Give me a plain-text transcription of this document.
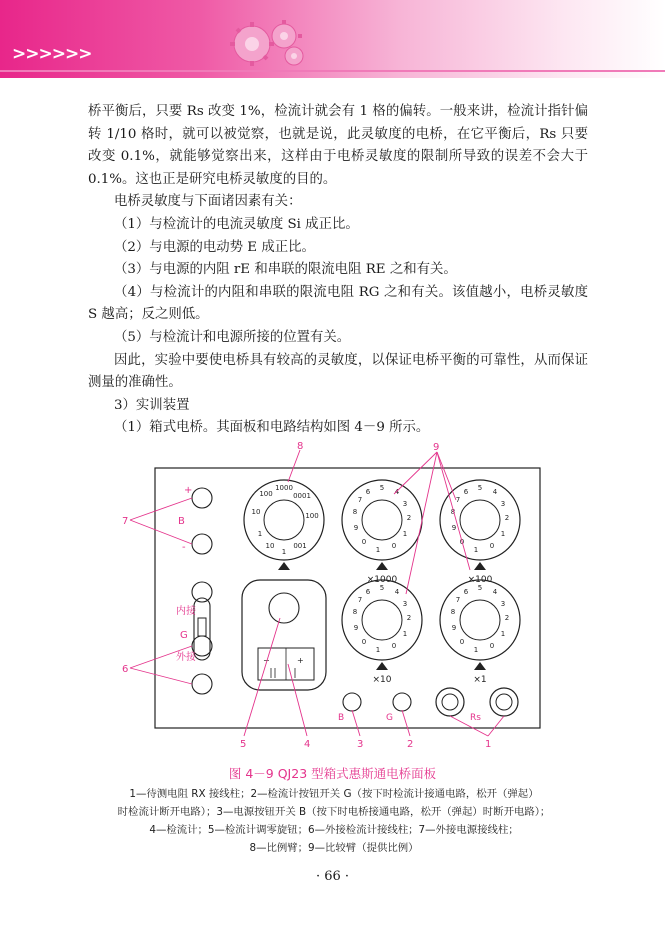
>>>>>>

桥平衡后，只要 Rs 改变 1%，检流计就会有 1 格的偏转。一般来讲，检流计指针偏转 1/10 格时，就可以被觉察，也就是说，此灵敏度的电桥，在它平衡后，Rs 只要改变 0.1%，就能够觉察出来，这样由于电桥灵敏度的限制所导致的误差不会大于 0.1%。这也正是研究电桥灵敏度的目的。

电桥灵敏度与下面诸因素有关：

（1）与检流计的电流灵敏度 Si 成正比。

（2）与电源的电动势 E 成正比。

（3）与电源的内阻 rE 和串联的限流电阻 RE 之和有关。

（4）与检流计的内阻和串联的限流电阻 RG 之和有关。该值越小，电桥灵敏度 S 越高；反之则低。

（5）与检流计和电源所接的位置有关。

因此，实验中要使电桥具有较高的灵敏度，以保证电桥平衡的可靠性，从而保证测量的准确性。

3）实训装置

（1）箱式电桥。其面板和电路结构如图 4－9 所示。

+
B
-
内接
G
外接	−	+
100
1000
0001
10	100
1
10
1
001
6 5 4
3
2
1
0
1
0
9
8
7
×1000
6 5 4
3
2
1
0
1
0
9
8
7
×100
6 5 4
3
2
1
0
1
0
9
8
7
×10
6 5 4
3
2
1
0
1
0
9
8
7
×1
B	G	Rs
8	9
7
6
5	4	3	2	1
图 4－9 QJ23 型箱式惠斯通电桥面板
1—待测电阻 RX 接线柱；2—检流计按钮开关 G（按下时检流计接通电路，松开（弹起）
时检流计断开电路）；3—电源按钮开关 B（按下时电桥接通电路，松开（弹起）时断开电路）；
4—检流计；5—检流计调零旋钮；6—外接检流计接线柱；7—外接电源接线柱；
8—比例臂；9—比较臂（提供比例）
· 66 ·
